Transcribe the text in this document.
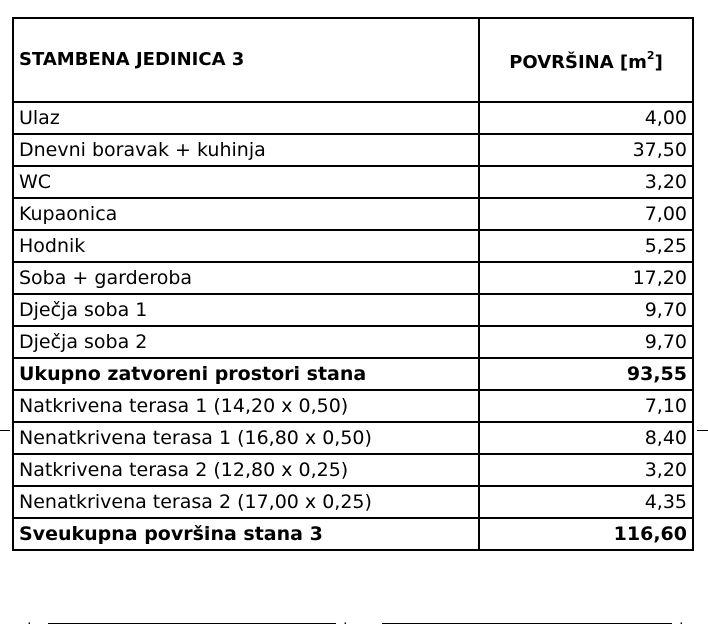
STAMBENA JEDINICA 3	POVRŠINA $[m^2]$
Ulaz	4,00
Dnevni boravak + kuhinja	37,50
WC	3,20
Kupaonica	7,00
Hodnik	5,25
Soba + garderoba	17,20
Dječja soba 1	9,70
Dječja soba 2	9,70
Ukupno zatvoreni prostori stana	93,55
Natkrivena terasa 1 (14,20 x 0,50)	7,10
Nenatkrivena terasa 1 (16,80 x 0,50)	8,40
Natkrivena terasa 2 (12,80 x 0,25)	3,20
Nenatkrivena terasa 2 (17,00 x 0,25)	4,35
Sveukupna površina stana 3	116,60
·	·	·
